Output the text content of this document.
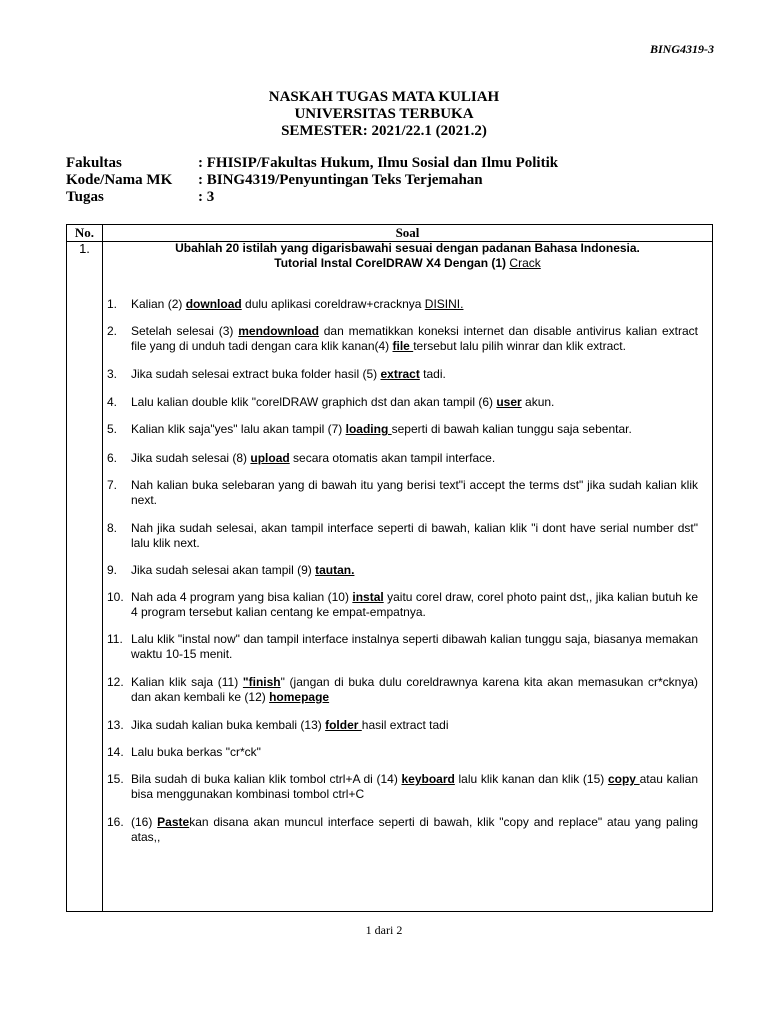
BING4319-3
NASKAH TUGAS MATA KULIAH
UNIVERSITAS TERBUKA
SEMESTER: 2021/22.1 (2021.2)
Fakultas	: FHISIP/Fakultas Hukum, Ilmu Sosial dan Ilmu Politik
Kode/Nama MK	: BING4319/Penyuntingan Teks Terjemahan
Tugas	: 3
No.	Soal
1.	Ubahlah 20 istilah yang digarisbawahi sesuai dengan padanan Bahasa Indonesia.
Tutorial Instal CorelDRAW X4 Dengan (1) Crack
1.	Kalian (2) download dulu aplikasi coreldraw+cracknya DISINI.
2.	Setelah selesai (3) mendownload dan mematikkan koneksi internet dan disable antivirus kalian extract file yang di unduh tadi dengan cara klik kanan(4) file tersebut lalu pilih winrar dan klik extract.
3.	Jika sudah selesai extract buka folder hasil (5) extract tadi.
4.	Lalu kalian double klik "corelDRAW graphich dst dan akan tampil (6) user akun.
5.	Kalian klik saja"yes" lalu akan tampil (7) loading seperti di bawah kalian tunggu saja sebentar.
6.	Jika sudah selesai (8) upload secara otomatis akan tampil interface.
7.	Nah kalian buka selebaran yang di bawah itu yang berisi text"i accept the terms dst" jika sudah kalian klik next.
8.	Nah jika sudah selesai, akan tampil interface seperti di bawah, kalian klik "i dont have serial number dst" lalu klik next.
9.	Jika sudah selesai akan tampil (9) tautan.
10. Nah ada 4 program yang bisa kalian (10) instal yaitu corel draw, corel photo paint dst,, jika kalian butuh ke 4 program tersebut kalian centang ke empat-empatnya.
11. Lalu klik "instal now" dan tampil interface instalnya seperti dibawah kalian tunggu saja, biasanya memakan waktu 10-15 menit.
12. Kalian klik saja (11) "finish" (jangan di buka dulu coreldrawnya karena kita akan memasukan cr*cknya) dan akan kembali ke (12) homepage
13. Jika sudah kalian buka kembali (13) folder hasil extract tadi
14. Lalu buka berkas "cr*ck"
15. Bila sudah di buka kalian klik tombol ctrl+A di (14) keyboard lalu klik kanan dan klik (15) copy atau kalian bisa menggunakan kombinasi tombol ctrl+C
16. (16) Pastekan disana akan muncul interface seperti di bawah, klik "copy and replace" atau yang paling atas,,
1 dari 2
